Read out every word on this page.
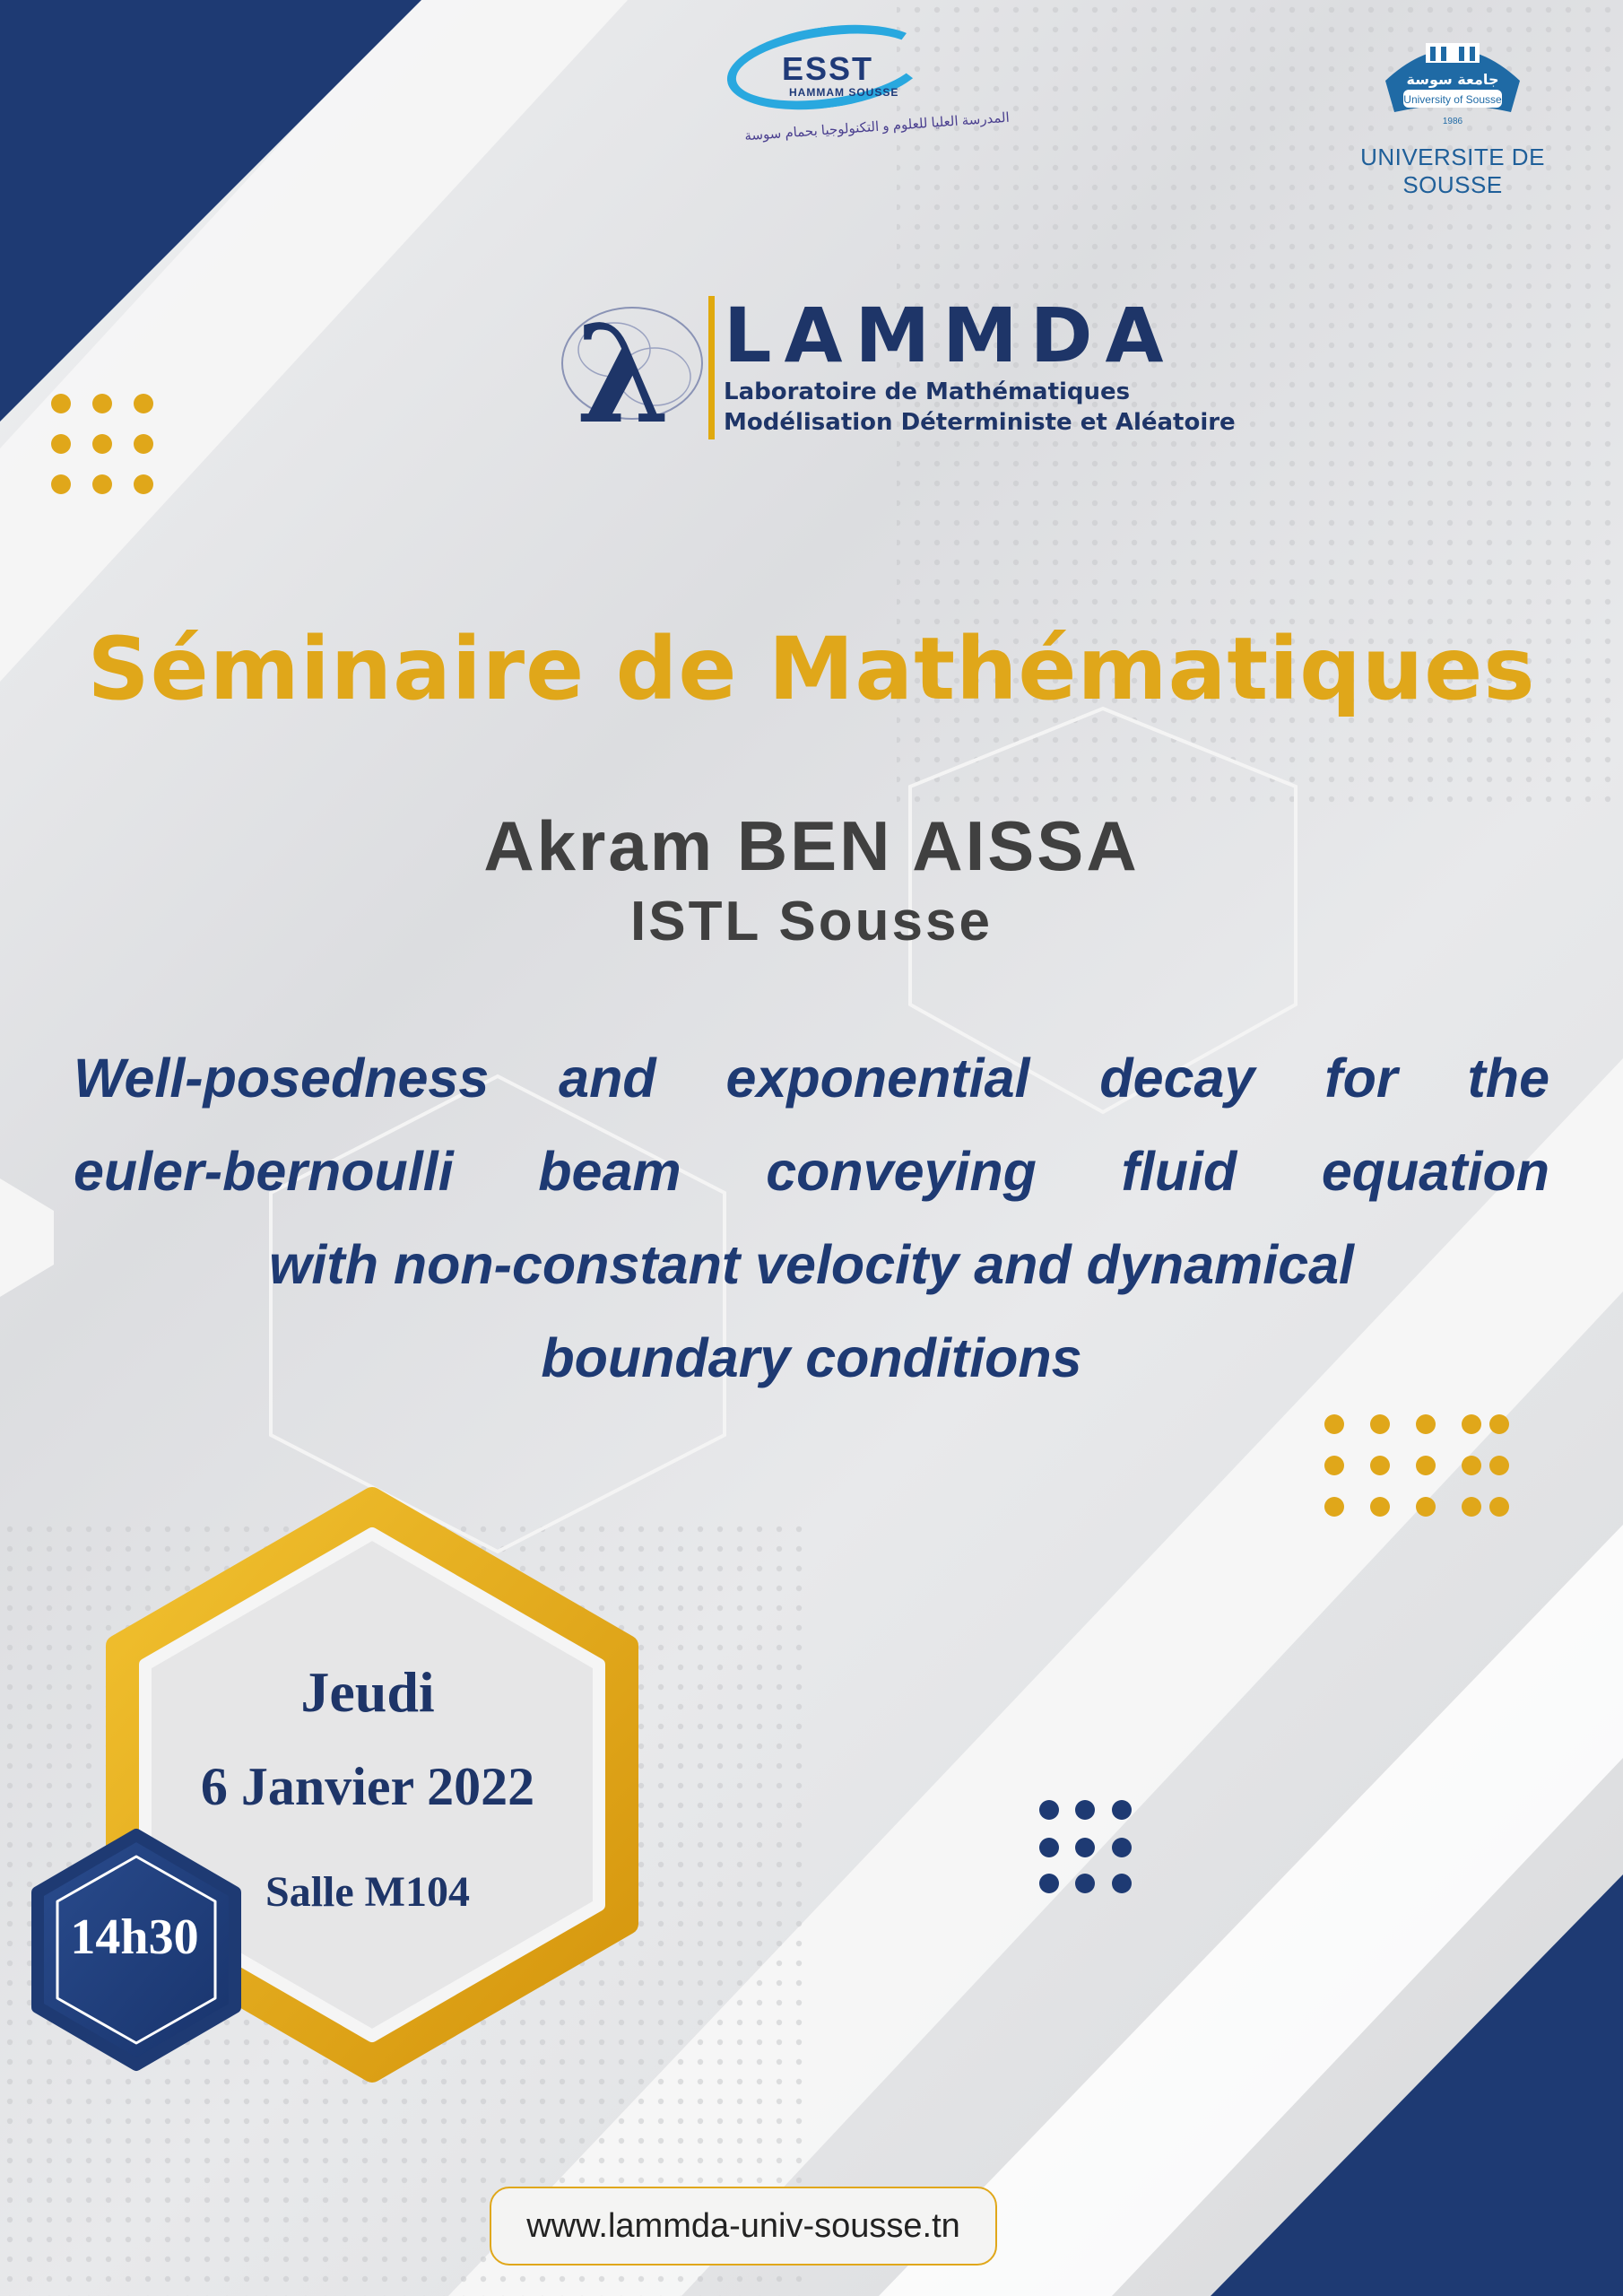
ESST
HAMMAM SOUSSE
المدرسة العليا للعلوم و التكنولوجيا بحمام سوسة
جامعة سوسة
University of Sousse
1986
UNIVERSITE DE SOUSSE
λ LAMMDA
Laboratoire de Mathématiques
Modélisation Déterministe et Aléatoire
Séminaire de Mathématiques
Akram BEN AISSA
ISTL Sousse
Well-posedness and exponential decay for the
euler-bernoulli beam conveying fluid equation
with non-constant velocity and dynamical
boundary conditions
Jeudi
6 Janvier 2022
Salle M104
14h30
www.lammda-univ-sousse.tn
